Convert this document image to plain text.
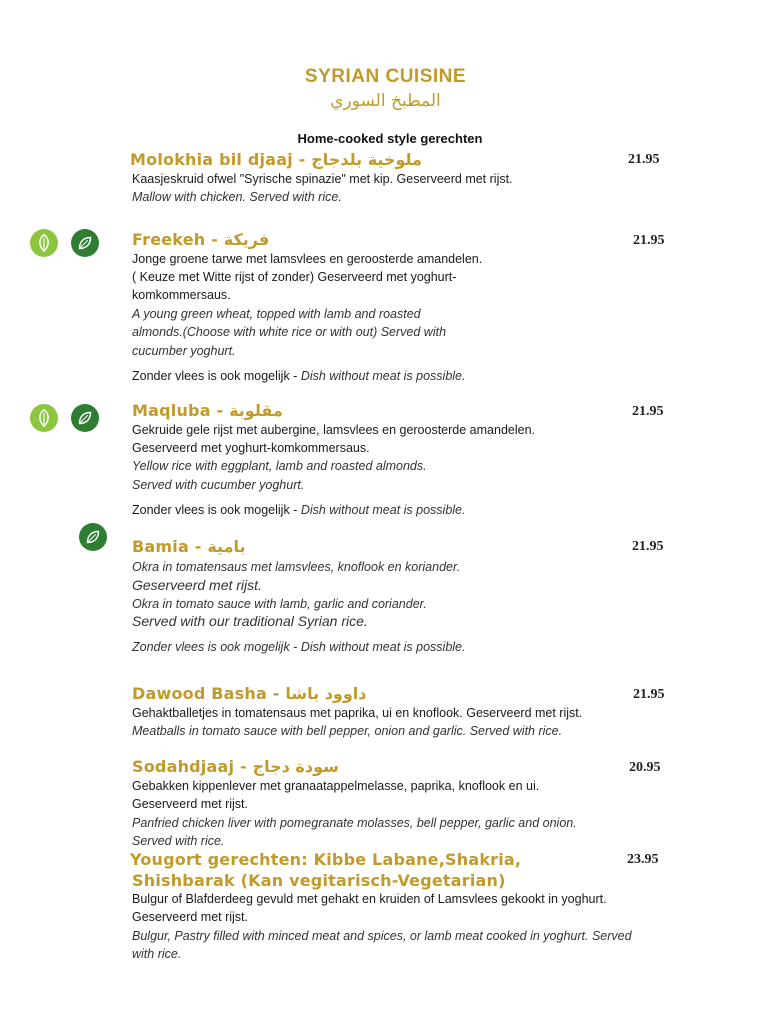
SYRIAN CUISINE
المطبخ السوري
Home-cooked style gerechten
Molokhia bil djaaj - ملوخية بلدجاج	21.95
Kaasjeskruid ofwel "Syrische spinazie" met kip. Geserveerd met rijst.
Mallow with chicken. Served with rice.
Freekeh - فريكة	21.95
Jonge groene tarwe met lamsvlees en geroosterde amandelen.
( Keuze met Witte rijst of zonder) Geserveerd met yoghurt-
komkommersaus.
A young green wheat, topped with lamb and roasted
almonds.(Choose with white rice or with out) Served with
cucumber yoghurt.
Zonder vlees is ook mogelijk - Dish without meat is possible.
Maqluba - مقلوبة	21.95
Gekruide gele rijst met aubergine, lamsvlees en geroosterde amandelen.
Geserveerd met yoghurt-komkommersaus.
Yellow rice with eggplant, lamb and roasted almonds.
Served with cucumber yoghurt.
Zonder vlees is ook mogelijk - Dish without meat is possible.
Bamia - بامية	21.95
Okra in tomatensaus met lamsvlees, knoflook en koriander.
Geserveerd met rijst.
Okra in tomato sauce with lamb, garlic and coriander.
Served with our traditional Syrian rice.
Zonder vlees is ook mogelijk - Dish without meat is possible.
Dawood Basha - داوود باشا	21.95
Gehaktballetjes in tomatensaus met paprika, ui en knoflook. Geserveerd met rijst.
Meatballs in tomato sauce with bell pepper, onion and garlic. Served with rice.
Sodahdjaaj - سودة دجاج	20.95
Gebakken kippenlever met granaatappelmelasse, paprika, knoflook en ui.
Geserveerd met rijst.
Panfried chicken liver with pomegranate molasses, bell pepper, garlic and onion.
Served with rice.
Yougort gerechten: Kibbe Labane,Shakria,
Shishbarak (Kan vegitarisch-Vegetarian)
23.95
Bulgur of Blafderdeeg gevuld met gehakt en kruiden of Lamsvlees gekookt in yoghurt.
Geserveerd met rijst.
Bulgur, Pastry filled with minced meat and spices, or lamb meat cooked in yoghurt. Served
with rice.
